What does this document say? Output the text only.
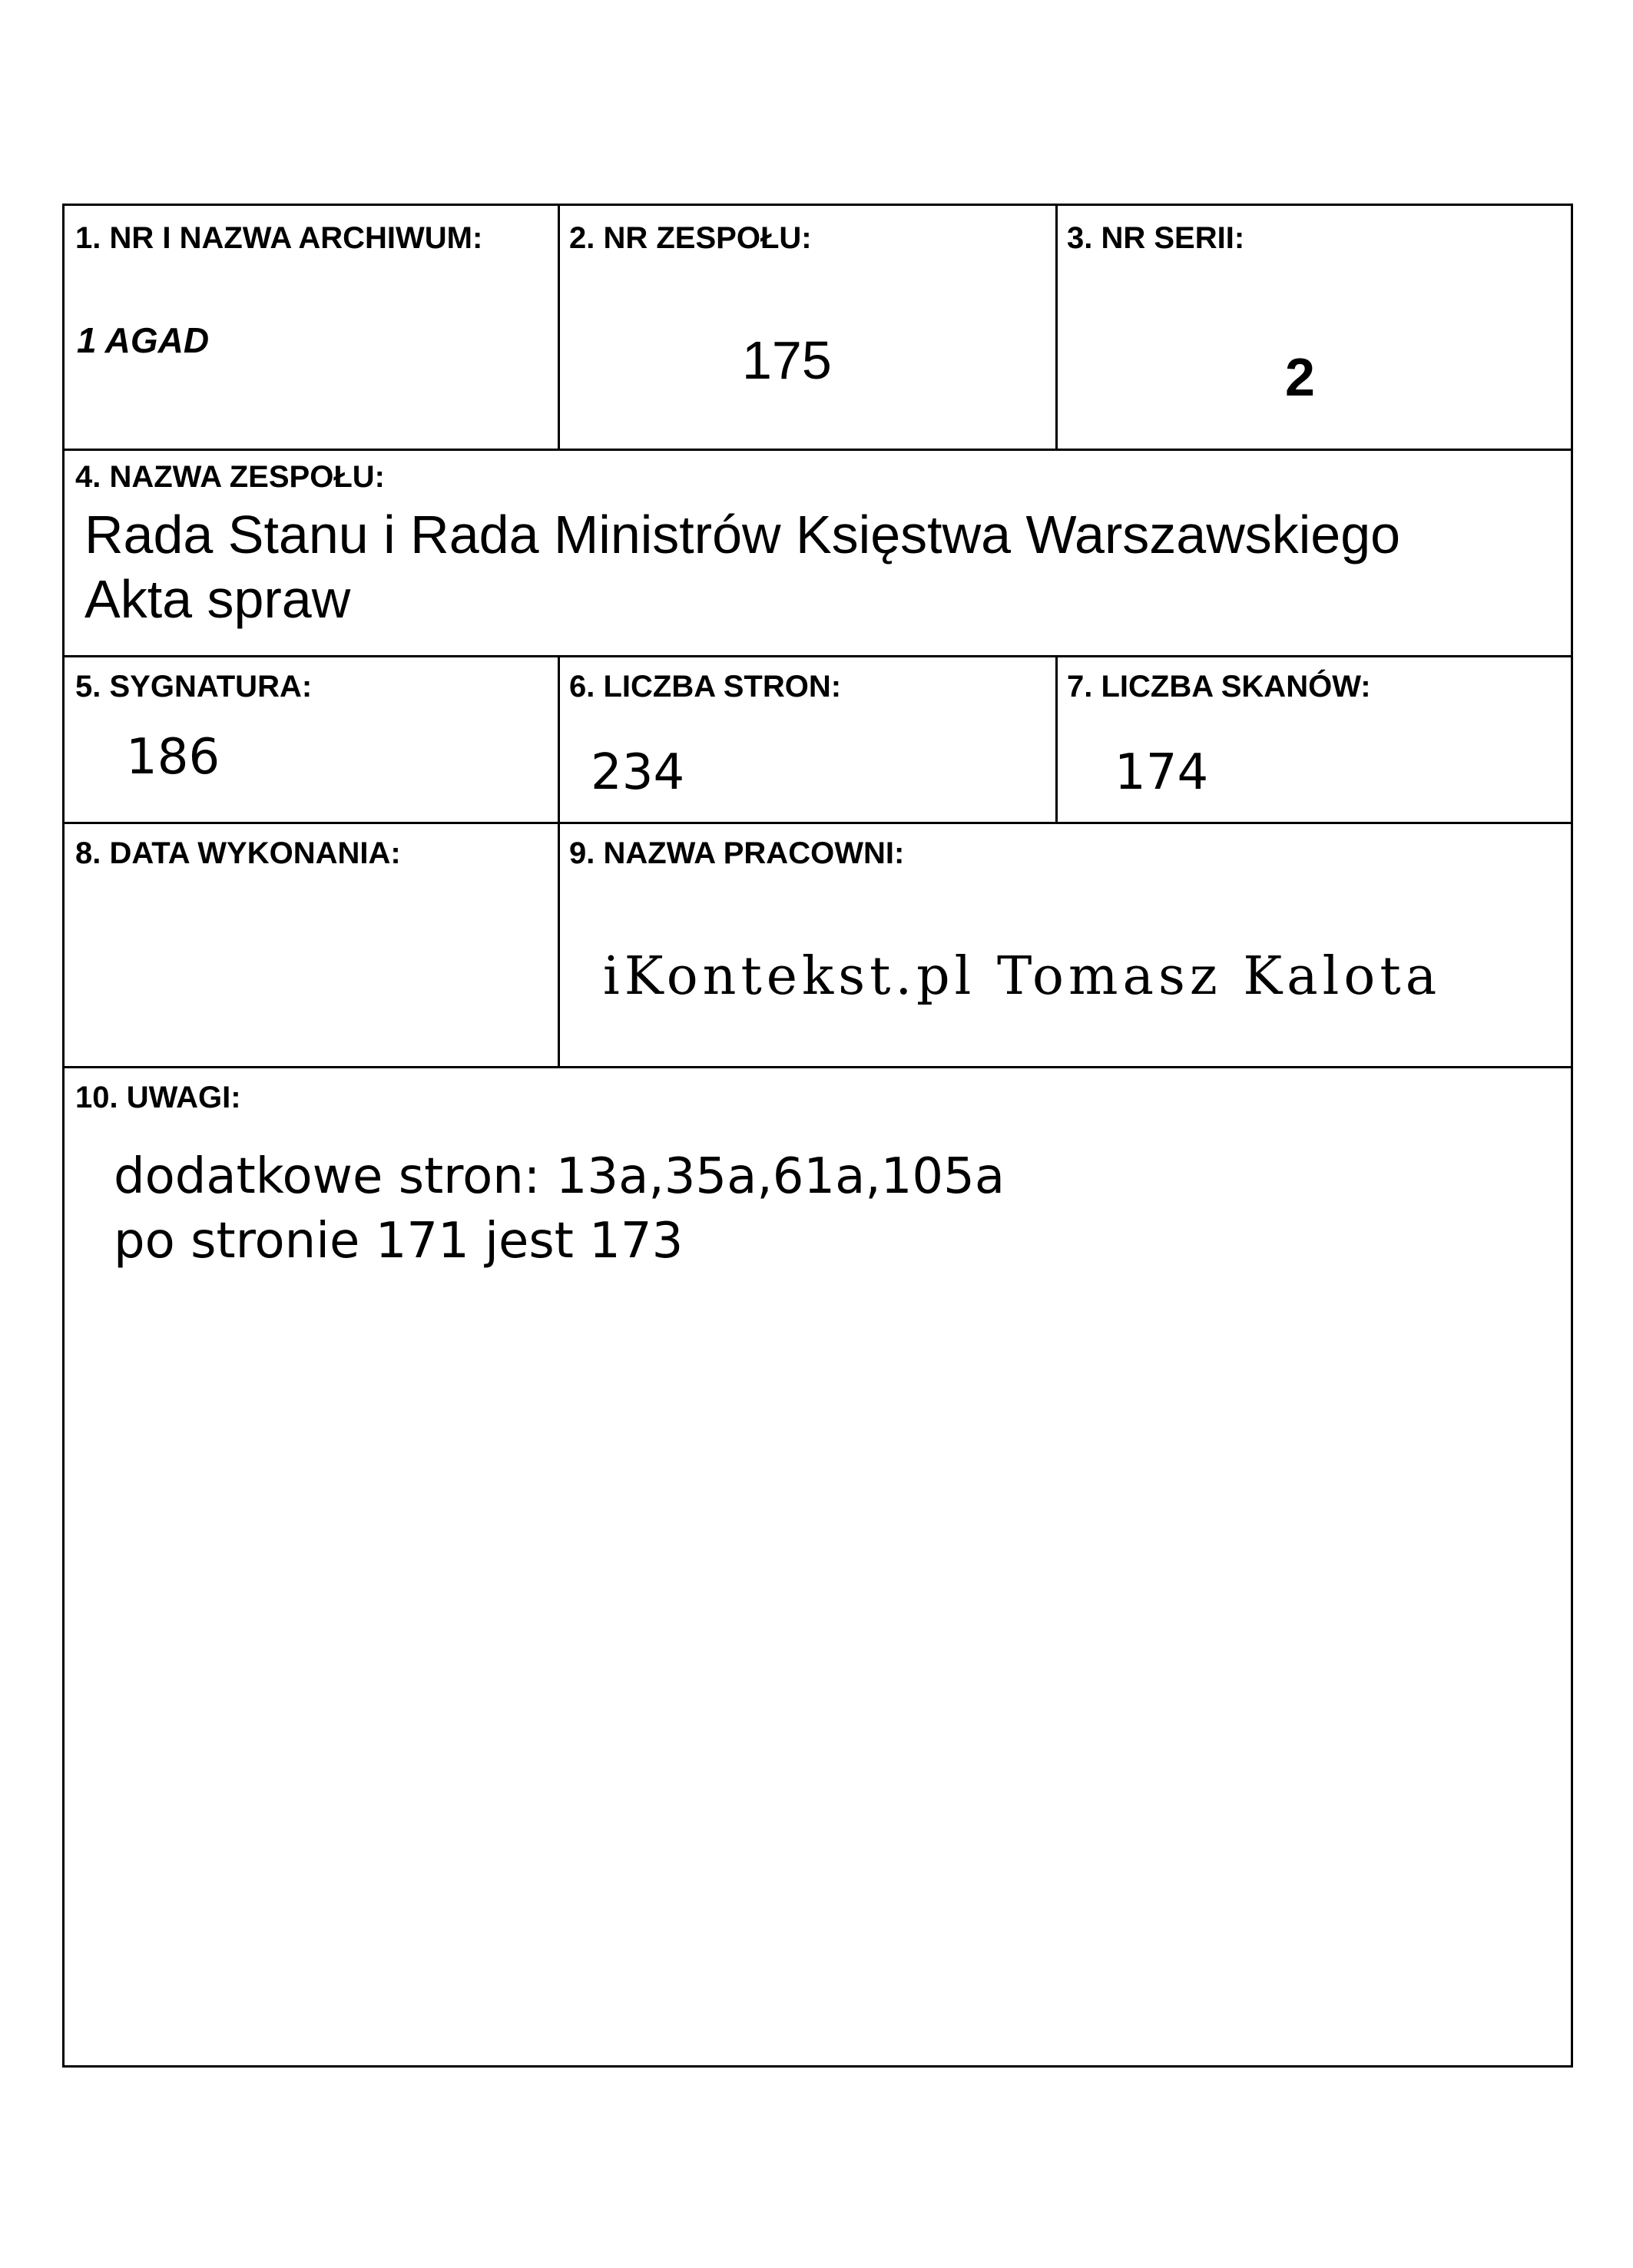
1. NR I NAZWA ARCHIWUM:
1 AGAD
2. NR ZESPOŁU:
175
3. NR SERII:
2
4. NAZWA ZESPOŁU:
Rada Stanu i Rada Ministrów Księstwa Warszawskiego
Akta spraw
5. SYGNATURA:
186
6. LICZBA STRON:
234
7. LICZBA SKANÓW:
174
8. DATA WYKONANIA:	9. NAZWA PRACOWNI:
iKontekst.pl Tomasz Kalota
10. UWAGI:
dodatkowe stron: 13a,35a,61a,105a
po stronie 171 jest 173
